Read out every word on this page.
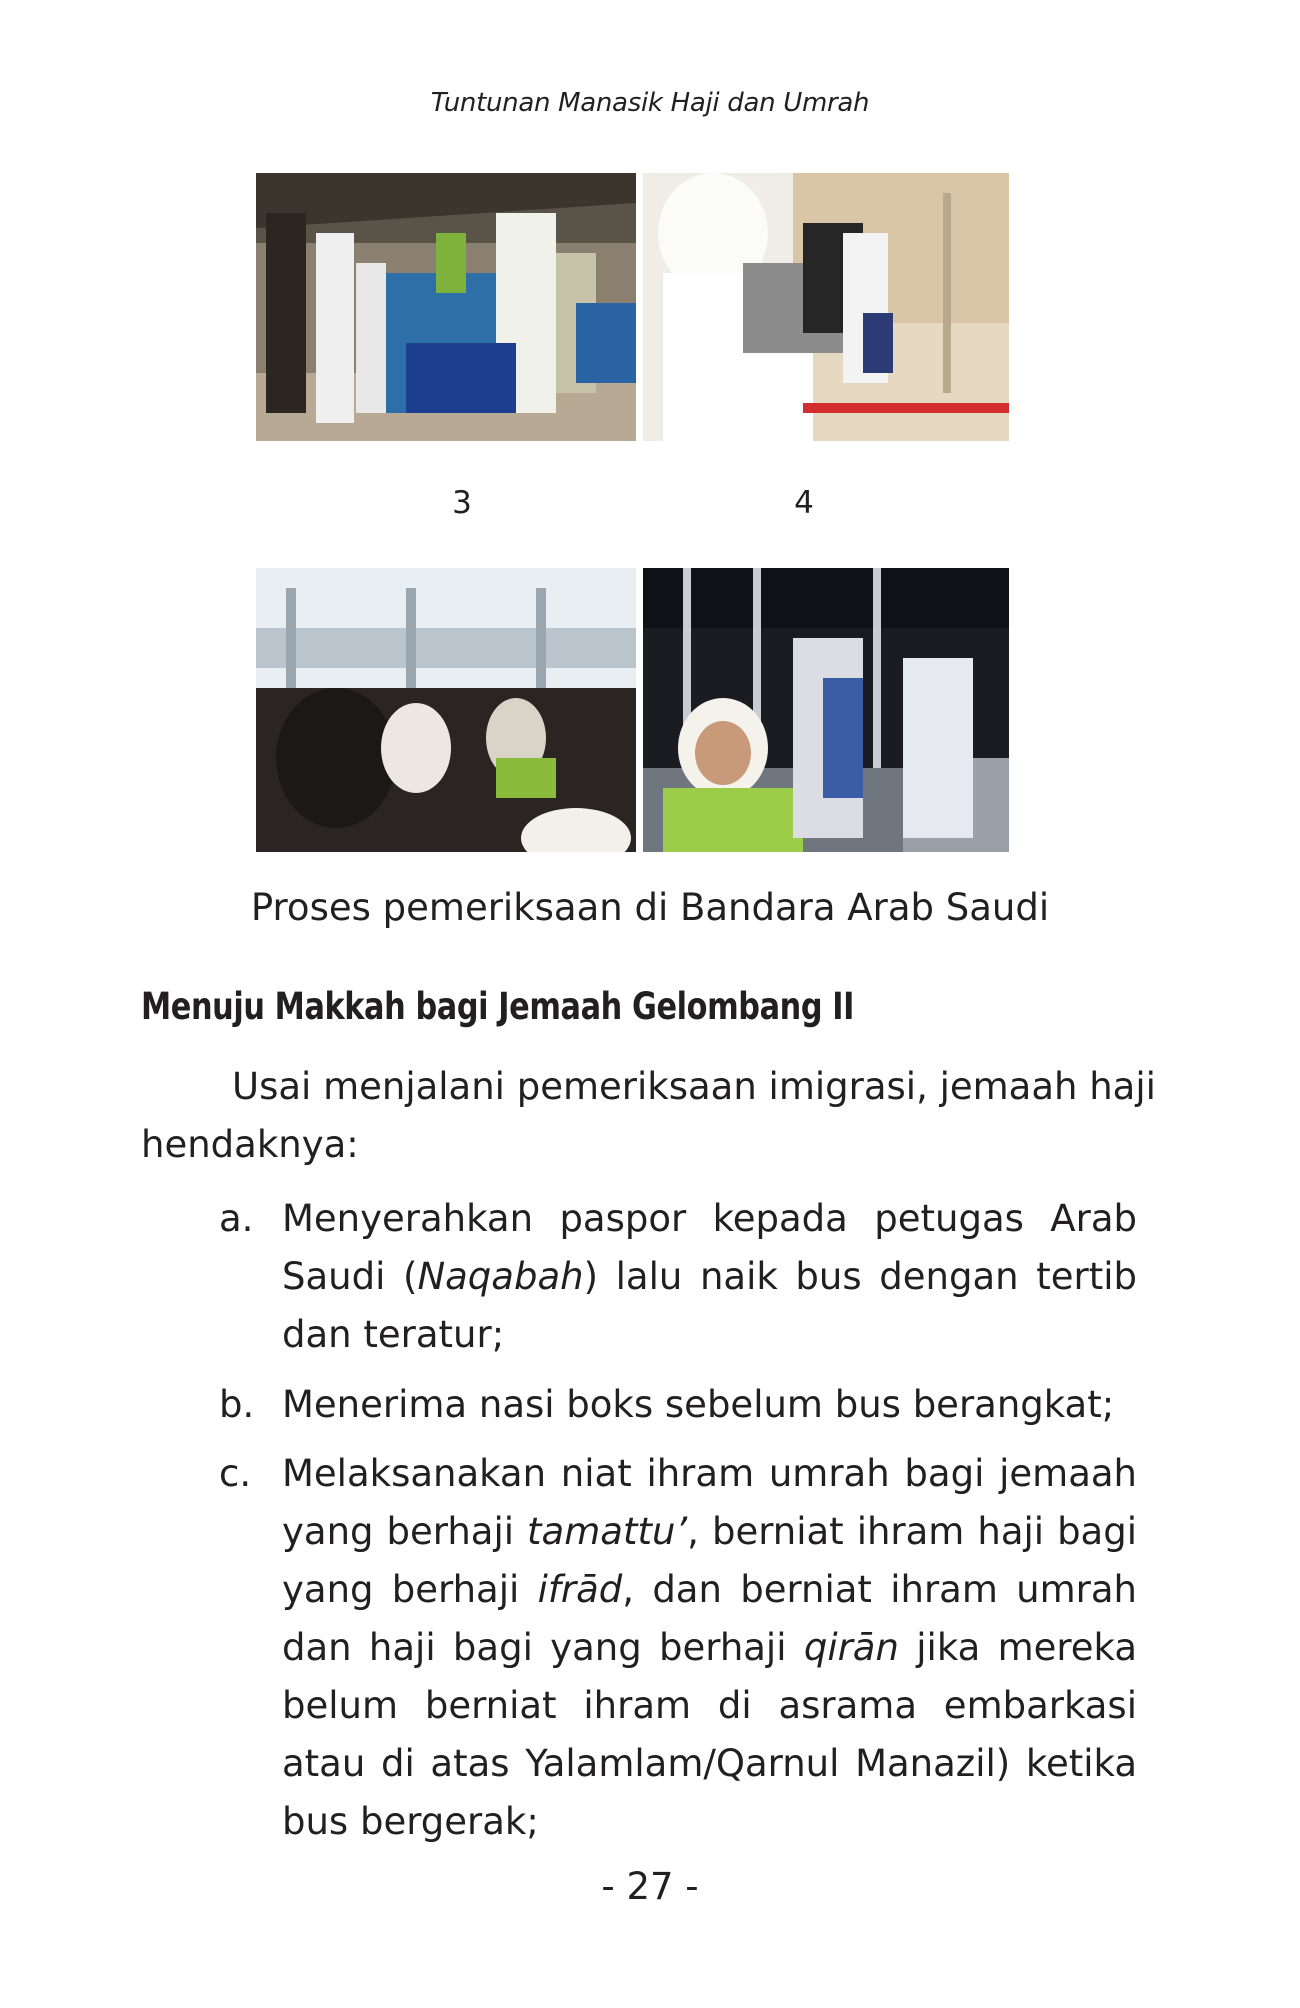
Tuntunan Manasik Haji dan Umrah
3	4
Proses pemeriksaan di Bandara Arab Saudi
Menuju Makkah bagi Jemaah Gelombang II
Usai menjalani pemeriksaan imigrasi, jemaah haji
hendaknya:
a. Menyerahkan paspor kepada petugas Arab
Saudi (Naqabah) lalu naik bus dengan tertib
dan teratur;
b. Menerima nasi boks sebelum bus berangkat;
c. Melaksanakan niat ihram umrah bagi jemaah
yang berhaji tamattu’, berniat ihram haji bagi
yang berhaji ifrād, dan berniat ihram umrah
dan haji bagi yang berhaji qirān jika mereka
belum berniat ihram di asrama embarkasi
atau di atas Yalamlam/Qarnul Manazil) ketika
bus bergerak;
- 27 -
